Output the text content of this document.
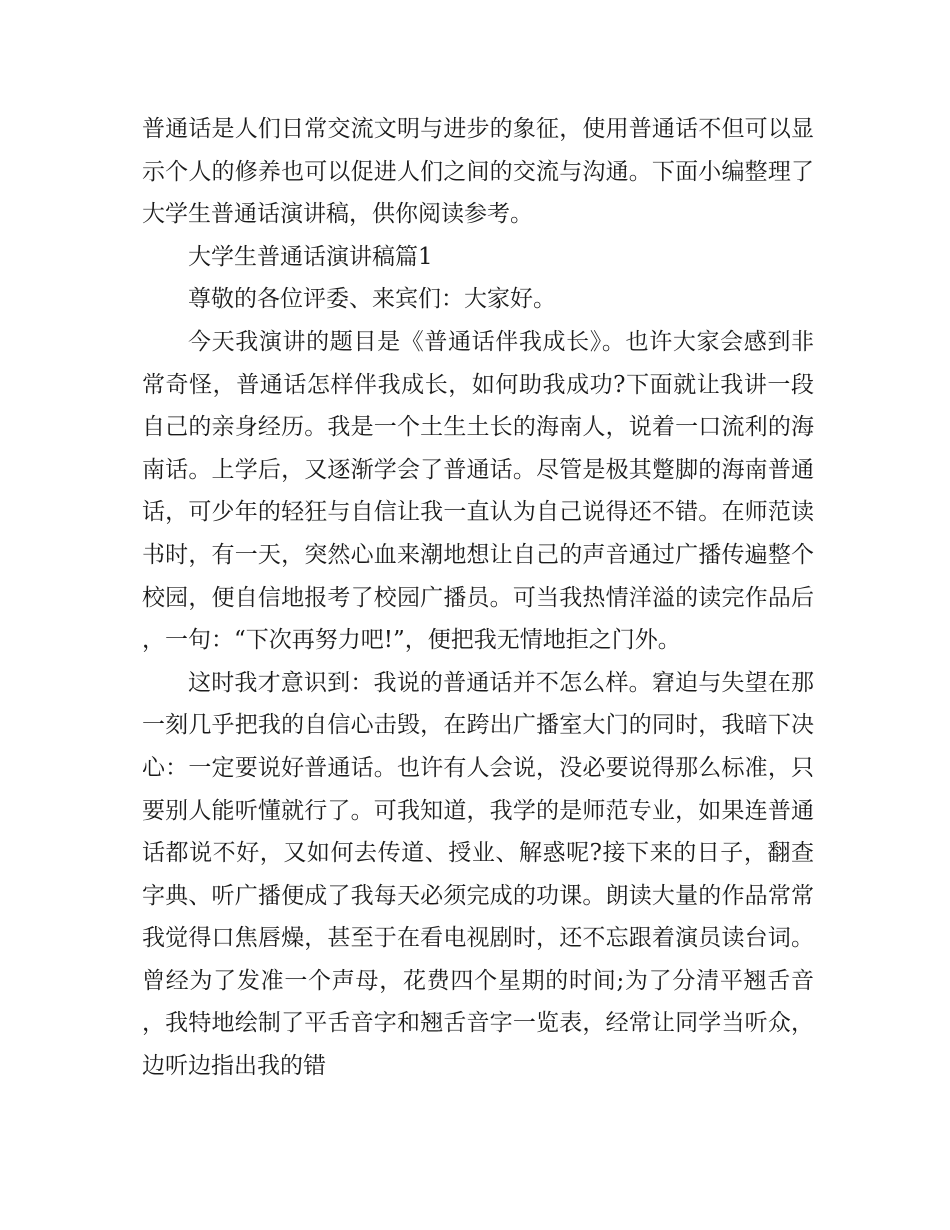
普通话是人们日常交流文明与进步的象征，使用普通话不但可以显示个人的修养也可以促进人们之间的交流与沟通。下面小编整理了大学生普通话演讲稿，供你阅读参考。

大学生普通话演讲稿篇1

尊敬的各位评委、来宾们：大家好。

今天我演讲的题目是《普通话伴我成长》。也许大家会感到非常奇怪，普通话怎样伴我成长，如何助我成功?下面就让我讲一段自己的亲身经历。我是一个土生土长的海南人，说着一口流利的海南话。上学后，又逐渐学会了普通话。尽管是极其蹩脚的海南普通话，可少年的轻狂与自信让我一直认为自己说得还不错。在师范读书时，有一天，突然心血来潮地想让自己的声音通过广播传遍整个校园，便自信地报考了校园广播员。可当我热情洋溢的读完作品后，一句：“下次再努力吧!”，便把我无情地拒之门外。

这时我才意识到：我说的普通话并不怎么样。窘迫与失望在那一刻几乎把我的自信心击毁，在跨出广播室大门的同时，我暗下决心：一定要说好普通话。也许有人会说，没必要说得那么标准，只要别人能听懂就行了。可我知道，我学的是师范专业，如果连普通话都说不好，又如何去传道、授业、解惑呢?接下来的日子，翻查字典、听广播便成了我每天必须完成的功课。朗读大量的作品常常我觉得口焦唇燥，甚至于在看电视剧时，还不忘跟着演员读台词。曾经为了发准一个声母，花费四个星期的时间;为了分清平翘舌音，我特地绘制了平舌音字和翘舌音字一览表，经常让同学当听众，边听边指出我的错
